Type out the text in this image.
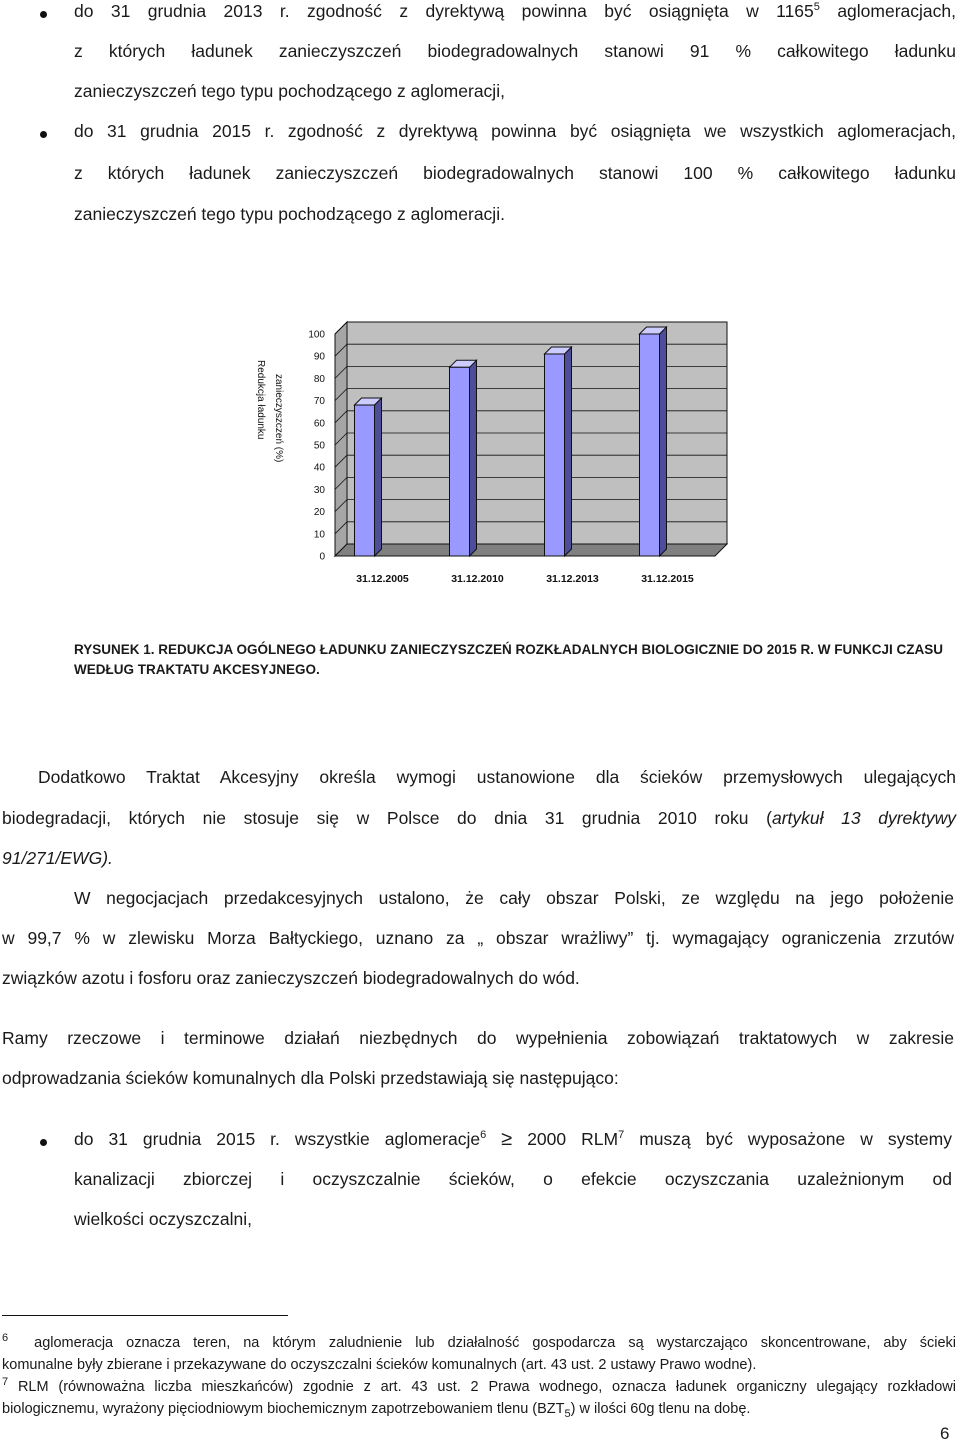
do 31 grudnia 2013 r. zgodność z dyrektywą powinna być osiągnięta w 1165$^5$ aglomeracjach,
z których ładunek zanieczyszczeń biodegradowalnych stanowi 91 % całkowitego ładunku
zanieczyszczeń tego typu pochodzącego z aglomeracji,
do 31 grudnia 2015 r. zgodność z dyrektywą powinna być osiągnięta we wszystkich aglomeracjach,
z których ładunek zanieczyszczeń biodegradowalnych stanowi 100 % całkowitego ładunku
zanieczyszczeń tego typu pochodzącego z aglomeracji.
0
10
20
30
40
50
60
70
80
90
100
31.12.2005	31.12.2010	31.12.2013	31.12.2015
Redukcja ładunku zanieczyszczeń (%)
RYSUNEK 1. REDUKCJA OGÓLNEGO ŁADUNKU ZANIECZYSZCZEŃ ROZKŁADALNYCH BIOLOGICZNIE DO 2015 R. W FUNKCJI CZASU
WEDŁUG TRAKTATU AKCESYJNEGO.
Dodatkowo Traktat Akcesyjny określa wymogi ustanowione dla ścieków przemysłowych ulegających
biodegradacji, których nie stosuje się w Polsce do dnia 31 grudnia 2010 roku (artykuł 13 dyrektywy
91/271/EWG).
W negocjacjach przedakcesyjnych ustalono, że cały obszar Polski, ze względu na jego położenie
w 99,7 % w zlewisku Morza Bałtyckiego, uznano za „ obszar wrażliwy” tj. wymagający ograniczenia zrzutów
związków azotu i fosforu oraz zanieczyszczeń biodegradowalnych do wód.
Ramy rzeczowe i terminowe działań niezbędnych do wypełnienia zobowiązań traktatowych w zakresie
odprowadzania ścieków komunalnych dla Polski przedstawiają się następująco:
do 31 grudnia 2015 r. wszystkie aglomeracje$^6$ ≥ 2000 RLM$^7$ muszą być wyposażone w systemy
kanalizacji zbiorczej i oczyszczalnie ścieków, o efekcie oczyszczania uzależnionym od
wielkości oczyszczalni,
$^6$ aglomeracja oznacza teren, na którym zaludnienie lub działalność gospodarcza są wystarczająco skoncentrowane, aby ścieki
komunalne były zbierane i przekazywane do oczyszczalni ścieków komunalnych (art. 43 ust. 2 ustawy Prawo wodne).
$^7$ RLM (równoważna liczba mieszkańców) zgodnie z art. 43 ust. 2 Prawa wodnego, oznacza ładunek organiczny ulegający rozkładowi
biologicznemu, wyrażony pięciodniowym biochemicznym zapotrzebowaniem tlenu $(BZT_5)$ w ilości 60g tlenu na dobę.
6
